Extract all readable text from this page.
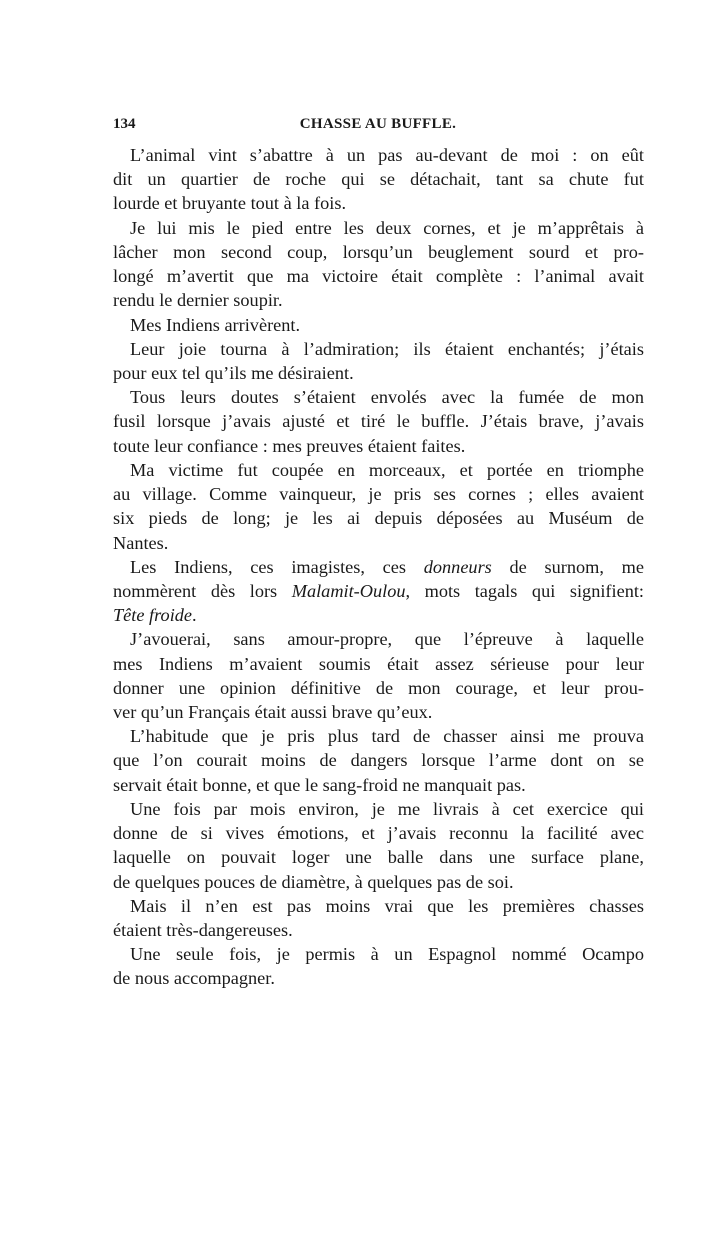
134	CHASSE AU BUFFLE.
L’animal vint s’abattre à un pas au-devant de moi : on eût
dit un quartier de roche qui se détachait, tant sa chute fut
lourde et bruyante tout à la fois.
Je lui mis le pied entre les deux cornes, et je m’apprêtais à
lâcher mon second coup, lorsqu’un beuglement sourd et pro-
longé m’avertit que ma victoire était complète : l’animal avait
rendu le dernier soupir.
Mes Indiens arrivèrent.
Leur joie tourna à l’admiration; ils étaient enchantés; j’étais
pour eux tel qu’ils me désiraient.
Tous leurs doutes s’étaient envolés avec la fumée de mon
fusil lorsque j’avais ajusté et tiré le buffle. J’étais brave, j’avais
toute leur confiance : mes preuves étaient faites.
Ma victime fut coupée en morceaux, et portée en triomphe
au village. Comme vainqueur, je pris ses cornes ; elles avaient
six pieds de long; je les ai depuis déposées au Muséum de
Nantes.
Les Indiens, ces imagistes, ces donneurs de surnom, me
nommèrent dès lors Malamit-Oulou, mots tagals qui signifient:
Tête froide.
J’avouerai, sans amour-propre, que l’épreuve à laquelle
mes Indiens m’avaient soumis était assez sérieuse pour leur
donner une opinion définitive de mon courage, et leur prou-
ver qu’un Français était aussi brave qu’eux.
L’habitude que je pris plus tard de chasser ainsi me prouva
que l’on courait moins de dangers lorsque l’arme dont on se
servait était bonne, et que le sang-froid ne manquait pas.
Une fois par mois environ, je me livrais à cet exercice qui
donne de si vives émotions, et j’avais reconnu la facilité avec
laquelle on pouvait loger une balle dans une surface plane,
de quelques pouces de diamètre, à quelques pas de soi.
Mais il n’en est pas moins vrai que les premières chasses
étaient très-dangereuses.
Une seule fois, je permis à un Espagnol nommé Ocampo
de nous accompagner.
